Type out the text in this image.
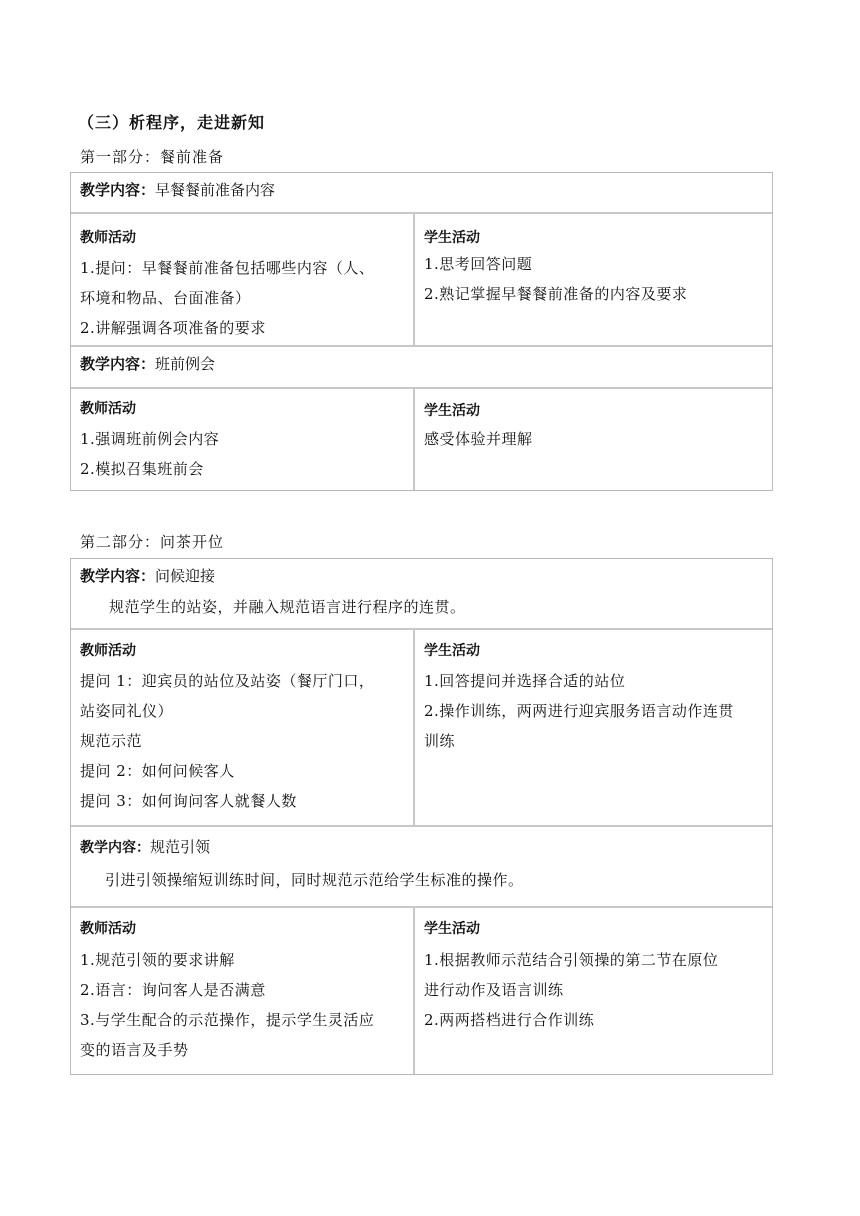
（三）析程序，走进新知
第一部分：餐前准备
教学内容：早餐餐前准备内容
教师活动
1.提问：早餐餐前准备包括哪些内容（人、
环境和物品、台面准备）
2.讲解强调各项准备的要求
学生活动
1.思考回答问题
2.熟记掌握早餐餐前准备的内容及要求
教学内容：班前例会
教师活动
1.强调班前例会内容
2.模拟召集班前会
学生活动
感受体验并理解
第二部分：问茶开位
教学内容：问候迎接
规范学生的站姿，并融入规范语言进行程序的连贯。
教师活动
提问 1：迎宾员的站位及站姿（餐厅门口，
站姿同礼仪）
规范示范
提问 2：如何问候客人
提问 3：如何询问客人就餐人数
学生活动
1.回答提问并选择合适的站位
2.操作训练，两两进行迎宾服务语言动作连贯
训练
教学内容：规范引领
引进引领操缩短训练时间，同时规范示范给学生标准的操作。
教师活动
1.规范引领的要求讲解
2.语言：询问客人是否满意
3.与学生配合的示范操作，提示学生灵活应
变的语言及手势
学生活动
1.根据教师示范结合引领操的第二节在原位
进行动作及语言训练
2.两两搭档进行合作训练
